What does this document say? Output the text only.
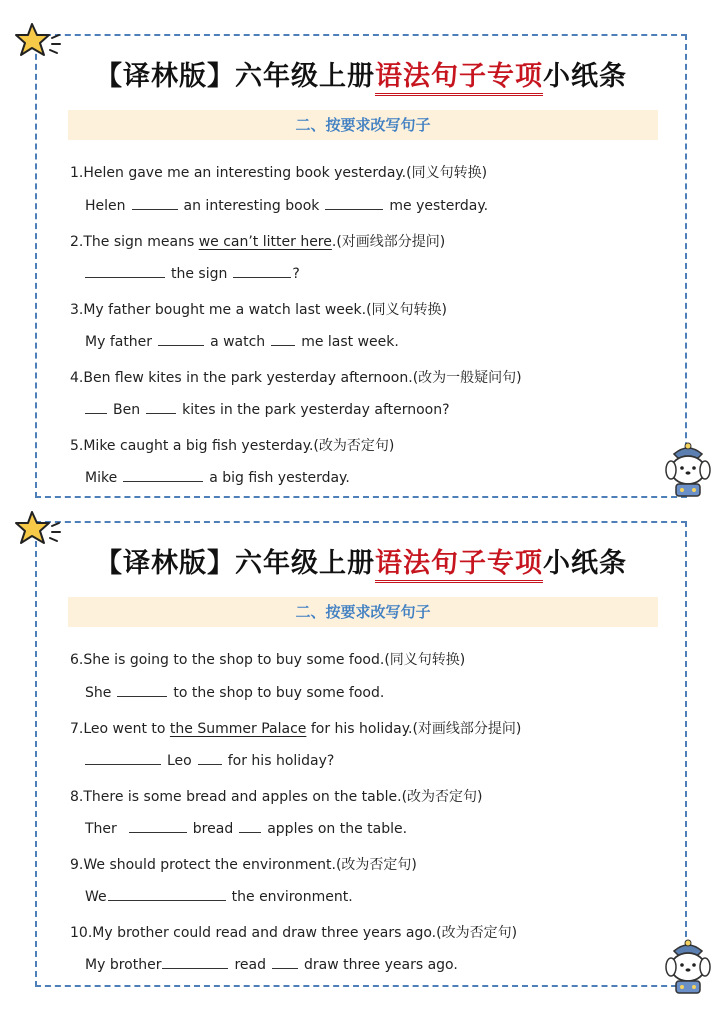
【译林版】六年级上册语法句子专项小纸条
二、按要求改写句子
1.Helen gave me an interesting book yesterday.(同义句转换)
Helen	an interesting book	me yesterday.
2.The sign means we can’t litter here.(对画线部分提问)
the sign	?
3.My father bought me a watch last week.(同义句转换)
My father	a watch	me last week.
4.Ben flew kites in the park yesterday afternoon.(改为一般疑问句)
Ben	kites in the park yesterday afternoon?
5.Mike caught a big fish yesterday.(改为否定句)
Mike	a big fish yesterday.
【译林版】六年级上册语法句子专项小纸条
二、按要求改写句子
6.She is going to the shop to buy some food.(同义句转换)
She	to the shop to buy some food.
7.Leo went to the Summer Palace for his holiday.(对画线部分提问)
Leo	for his holiday?
8.There is some bread and apples on the table.(改为否定句)
Ther	bread apples on the table.
9.We should protect the environment.(改为否定句)
We	the environment.
10.My brother could read and draw three years ago.(改为否定句)
My brother	read	draw three years ago.
